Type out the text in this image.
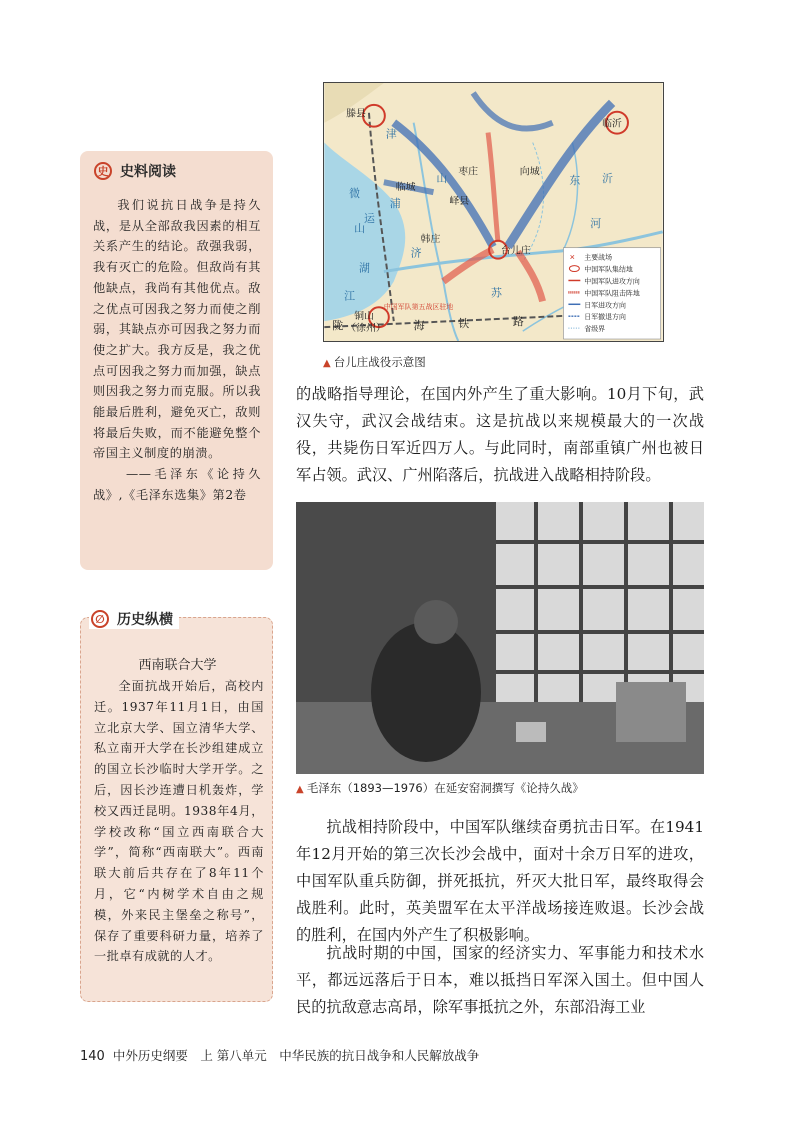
史 史料阅读
我们说抗日战争是持久战，是从全部敌我因素的相互关系产生的结论。敌强我弱，我有灭亡的危险。但敌尚有其他缺点，我尚有其他优点。敌之优点可因我之努力而使之削弱，其缺点亦可因我之努力而使之扩大。我方反是，我之优点可因我之努力而加强，缺点则因我之努力而克服。所以我能最后胜利，避免灭亡，敌则将最后失败，而不能避免整个帝国主义制度的崩溃。
——毛泽东《论持久战》,《毛泽东选集》第2卷
∅ 历史纵横
西南联合大学
全面抗战开始后，高校内迁。1937年11月1日，由国立北京大学、国立清华大学、私立南开大学在长沙组建成立的国立长沙临时大学开学。之后，因长沙连遭日机轰炸，学校又西迁昆明。1938年4月，学校改称“国立西南联合大学”，简称“西南联大”。西南联大前后共存在了8年11个月，它“内树学术自由之规模，外来民主堡垒之称号”，保存了重要科研力量，培养了一批卓有成就的人才。
滕县
临沂
枣庄	向城
临城
峄县
韩庄
台儿庄
铜山
（徐州）
中国军队第五战区驻地
津
浦
山	东
江	苏
沂
河
陇	海	铁	路
微
山
湖
运
济	✕ 主要战场
中国军队集结地
中国军队进攻方向
中国军队阻击阵地
日军进攻方向
日军撤退方向
省级界
▲ 台儿庄战役示意图
的战略指导理论，在国内外产生了重大影响。10月下旬，武汉失守，武汉会战结束。这是抗战以来规模最大的一次战役，共毙伤日军近四万人。与此同时，南部重镇广州也被日军占领。武汉、广州陷落后，抗战进入战略相持阶段。
▲ 毛泽东（1893—1976）在延安窑洞撰写《论持久战》
抗战相持阶段中，中国军队继续奋勇抗击日军。在1941年12月开始的第三次长沙会战中，面对十余万日军的进攻，中国军队重兵防御，拼死抵抗，歼灭大批日军，最终取得会战胜利。此时，英美盟军在太平洋战场接连败退。长沙会战的胜利，在国内外产生了积极影响。
抗战时期的中国，国家的经济实力、军事能力和技术水平，都远远落后于日本，难以抵挡日军深入国土。但中国人民的抗敌意志高昂，除军事抵抗之外，东部沿海工业
140 中外历史纲要　上 第八单元　中华民族的抗日战争和人民解放战争
